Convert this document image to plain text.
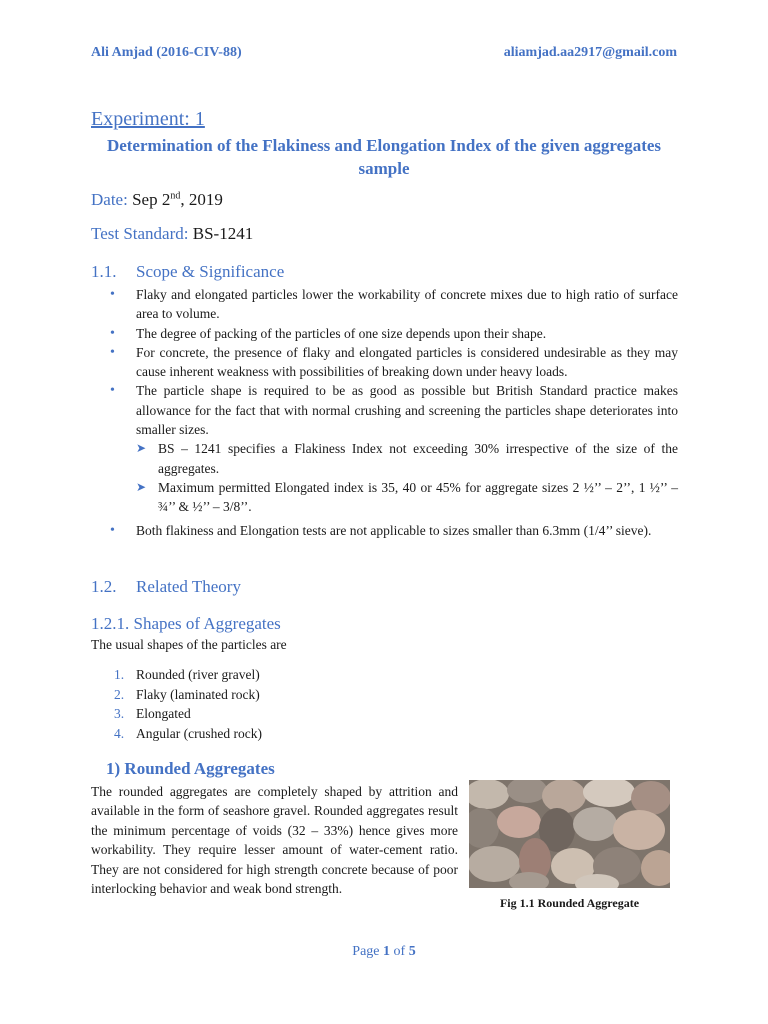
Ali Amjad (2016-CIV-88)	aliamjad.aa2917@gmail.com
Experiment: 1
Determination of the Flakiness and Elongation Index of the given aggregates sample
Date: Sep 2nd, 2019
Test Standard: BS-1241
1.1. Scope & Significance
• Flaky and elongated particles lower the workability of concrete mixes due to high ratio of surface area to volume.
• The degree of packing of the particles of one size depends upon their shape.
• For concrete, the presence of flaky and elongated particles is considered undesirable as they may cause inherent weakness with possibilities of breaking down under heavy loads.
• The particle shape is required to be as good as possible but British Standard practice makes allowance for the fact that with normal crushing and screening the particles shape deteriorates into smaller sizes.
➤ BS – 1241 specifies a Flakiness Index not exceeding 30% irrespective of the size of the aggregates.
➤ Maximum permitted Elongated index is 35, 40 or 45% for aggregate sizes 2 ½’’ – 2’’, 1 ½’’ – ¾’’ & ½’’ – 3/8’’.
• Both flakiness and Elongation tests are not applicable to sizes smaller than 6.3mm (1/4’’ sieve).
1.2. Related Theory
1.2.1. Shapes of Aggregates
The usual shapes of the particles are
1. Rounded (river gravel)
2. Flaky (laminated rock)
3. Elongated
4. Angular (crushed rock)
1) Rounded Aggregates
The rounded aggregates are completely shaped by attrition and available in the form of seashore gravel. Rounded aggregates result the minimum percentage of voids (32 – 33%) hence gives more workability. They require lesser amount of water-cement ratio. They are not considered for high strength concrete because of poor interlocking behavior and weak bond strength.
Fig 1.1 Rounded Aggregate
Page 1 of 5
